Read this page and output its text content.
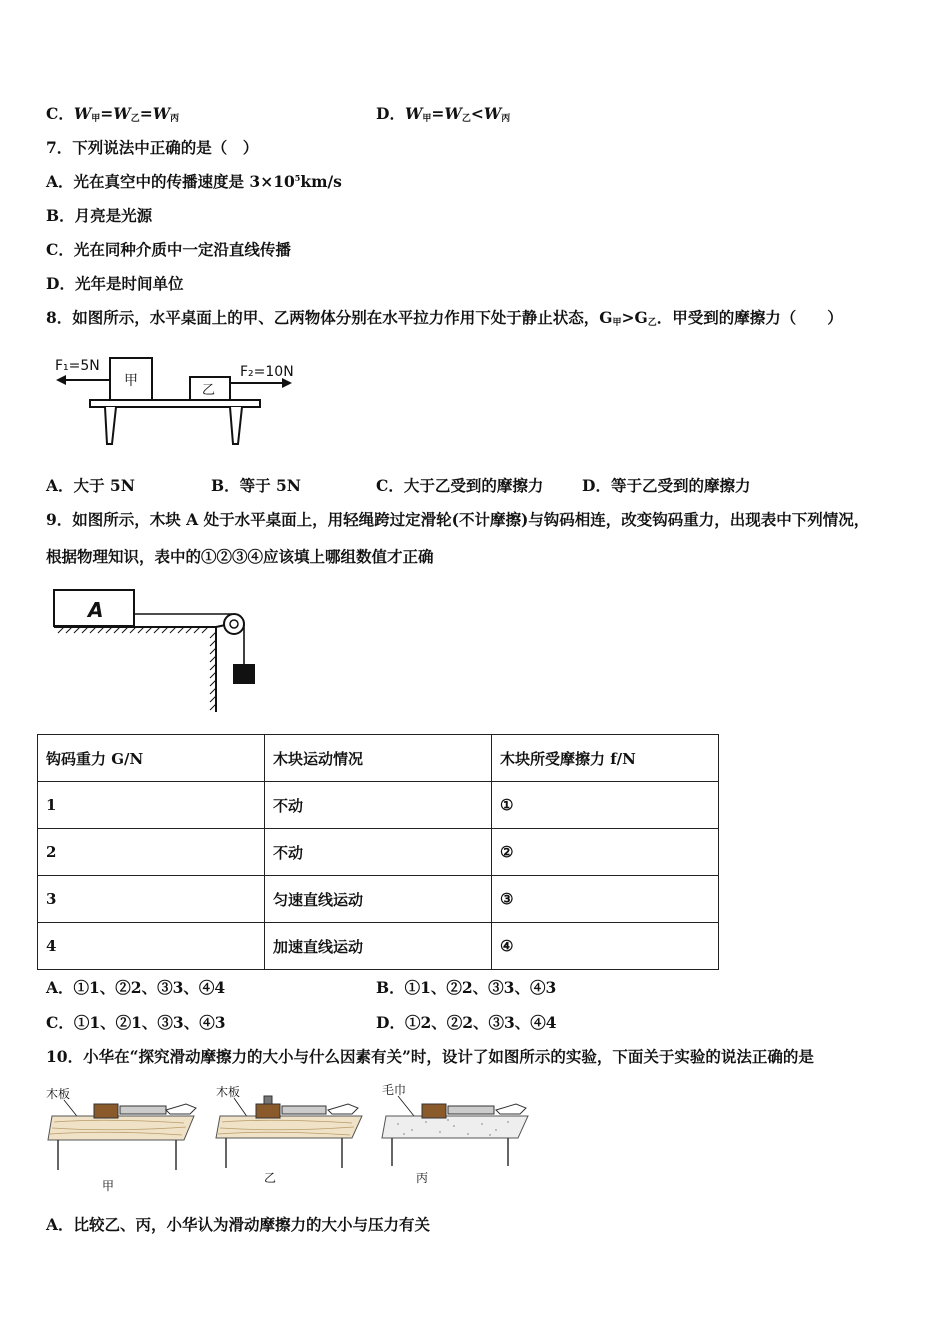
C．$W_甲=W_乙=W_丙$	D．$W_甲=W_乙<W_丙$
7．下列说法中正确的是（　）
A．光在真空中的传播速度是 $3\times 10^5km/s$
B．月亮是光源
C．光在同种介质中一定沿直线传播
D．光年是时间单位
8．如图所示，水平桌面上的甲、乙两物体分别在水平拉力作用下处于静止状态，$G_甲>G_乙$．甲受到的摩擦力（　　）
F₁=5N
甲
乙
F₂=10N
A．大于 5N	B．等于 5N	C．大于乙受到的摩擦力 D．等于乙受到的摩擦力
9．如图所示，木块 A 处于水平桌面上，用轻绳跨过定滑轮(不计摩擦)与钩码相连，改变钩码重力，出现表中下列情况，
根据物理知识，表中的①②③④应该填上哪组数值才正确
A
钩码重力 G/N	木块运动情况	木块所受摩擦力 f/N
1	不动	①
2	不动	②
3	匀速直线运动	③
4	加速直线运动	④
A．①1、②2、③3、④4	B．①1、②2、③3、④3
C．①1、②1、③3、④3	D．①2、②2、③3、④4
10．小华在“探究滑动摩擦力的大小与什么因素有关”时，设计了如图所示的实验，下面关于实验的说法正确的是
木板
甲
木板
乙
毛巾
丙
A．比较乙、丙，小华认为滑动摩擦力的大小与压力有关
